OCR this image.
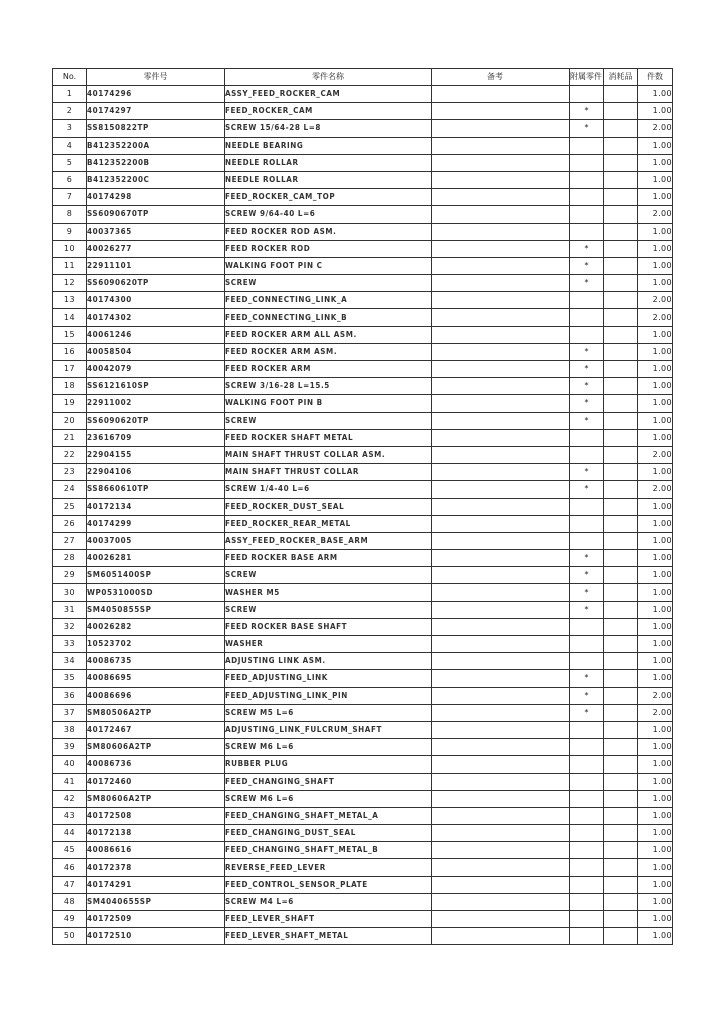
No.	零件号	零件名称	备考	附属零件	消耗品	件数
1	40174296	ASSY_FEED_ROCKER_CAM				1.00
2	40174297	FEED_ROCKER_CAM		*		1.00
3	SS8150822TP	SCREW 15/64-28 L=8		*		2.00
4	B412352200A	NEEDLE BEARING				1.00
5	B412352200B	NEEDLE ROLLAR				1.00
6	B412352200C	NEEDLE ROLLAR				1.00
7	40174298	FEED_ROCKER_CAM_TOP				1.00
8	SS6090670TP	SCREW 9/64-40 L=6				2.00
9	40037365	FEED ROCKER ROD ASM.				1.00
10	40026277	FEED ROCKER ROD		*		1.00
11	22911101	WALKING FOOT PIN C		*		1.00
12	SS6090620TP	SCREW		*		1.00
13	40174300	FEED_CONNECTING_LINK_A				2.00
14	40174302	FEED_CONNECTING_LINK_B				2.00
15	40061246	FEED ROCKER ARM ALL ASM.				1.00
16	40058504	FEED ROCKER ARM ASM.		*		1.00
17	40042079	FEED ROCKER ARM		*		1.00
18	SS6121610SP	SCREW 3/16-28 L=15.5		*		1.00
19	22911002	WALKING FOOT PIN B		*		1.00
20	SS6090620TP	SCREW		*		1.00
21	23616709	FEED ROCKER SHAFT METAL				1.00
22	22904155	MAIN SHAFT THRUST COLLAR ASM.				2.00
23	22904106	MAIN SHAFT THRUST COLLAR		*		1.00
24	SS8660610TP	SCREW 1/4-40 L=6		*		2.00
25	40172134	FEED_ROCKER_DUST_SEAL				1.00
26	40174299	FEED_ROCKER_REAR_METAL				1.00
27	40037005	ASSY_FEED_ROCKER_BASE_ARM				1.00
28	40026281	FEED ROCKER BASE ARM		*		1.00
29	SM6051400SP	SCREW		*		1.00
30	WP0531000SD	WASHER M5		*		1.00
31	SM4050855SP	SCREW		*		1.00
32	40026282	FEED ROCKER BASE SHAFT				1.00
33	10523702	WASHER				1.00
34	40086735	ADJUSTING LINK ASM.				1.00
35	40086695	FEED_ADJUSTING_LINK		*		1.00
36	40086696	FEED_ADJUSTING_LINK_PIN		*		2.00
37	SM80506A2TP	SCREW M5 L=6		*		2.00
38	40172467	ADJUSTING_LINK_FULCRUM_SHAFT				1.00
39	SM80606A2TP	SCREW M6 L=6				1.00
40	40086736	RUBBER PLUG				1.00
41	40172460	FEED_CHANGING_SHAFT				1.00
42	SM80606A2TP	SCREW M6 L=6				1.00
43	40172508	FEED_CHANGING_SHAFT_METAL_A				1.00
44	40172138	FEED_CHANGING_DUST_SEAL				1.00
45	40086616	FEED_CHANGING_SHAFT_METAL_B				1.00
46	40172378	REVERSE_FEED_LEVER				1.00
47	40174291	FEED_CONTROL_SENSOR_PLATE				1.00
48	SM4040655SP	SCREW M4 L=6				1.00
49	40172509	FEED_LEVER_SHAFT				1.00
50	40172510	FEED_LEVER_SHAFT_METAL				1.00
